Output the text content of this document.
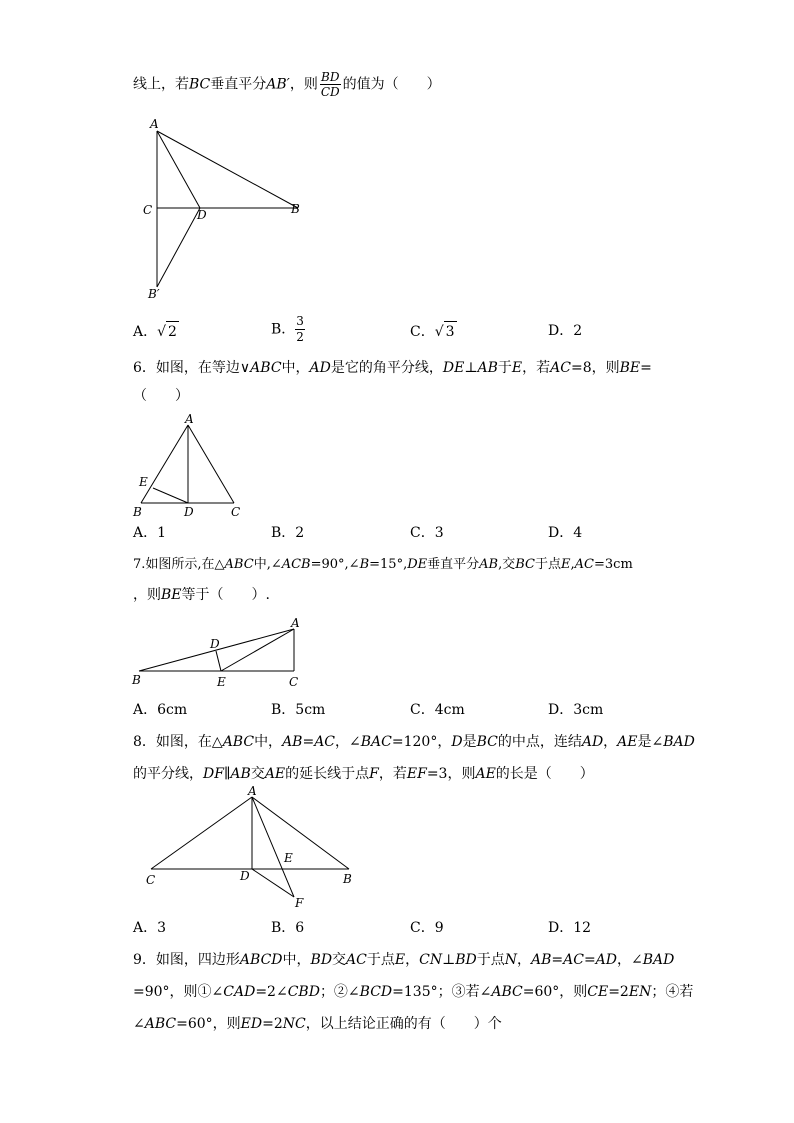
线上，若BC垂直平分AB′，则 $\frac{BD}{CD}$ 的值为（　　）
A
C	D	B
B′
A．√ 2	B． $\frac{3}{2}$	C．√ 3	D．2
6．如图，在等边∨ABC中，AD是它的角平分线，DE⊥AB于E，若AC=8，则BE=
（　　）
A
E
B	D	C
A．1	B．2	C．3	D．4
7.如图所示,在△ABC中,∠ACB=90°,∠B=15°,DE垂直平分AB,交BC于点E,AC=3cm
，则BE等于（　　）.
A
D
B	E	C
A．6cm	B．5cm	C．4cm	D．3cm
8．如图，在△ABC中，AB=AC，∠BAC=120°，D是BC的中点，连结AD，AE是∠BAD
的平分线，DF∥AB交AE的延长线于点F，若EF=3，则AE的长是（　　）
A
E
C	D	B
F
A．3	B．6	C．9	D．12
9．如图，四边形ABCD中，BD交AC于点E，CN⊥BD于点N，AB=AC=AD，∠BAD
=90°，则①∠CAD=2∠CBD；②∠BCD=135°；③若∠ABC=60°，则CE=2EN；④若
∠ABC=60°，则ED=2NC，以上结论正确的有（　　）个
